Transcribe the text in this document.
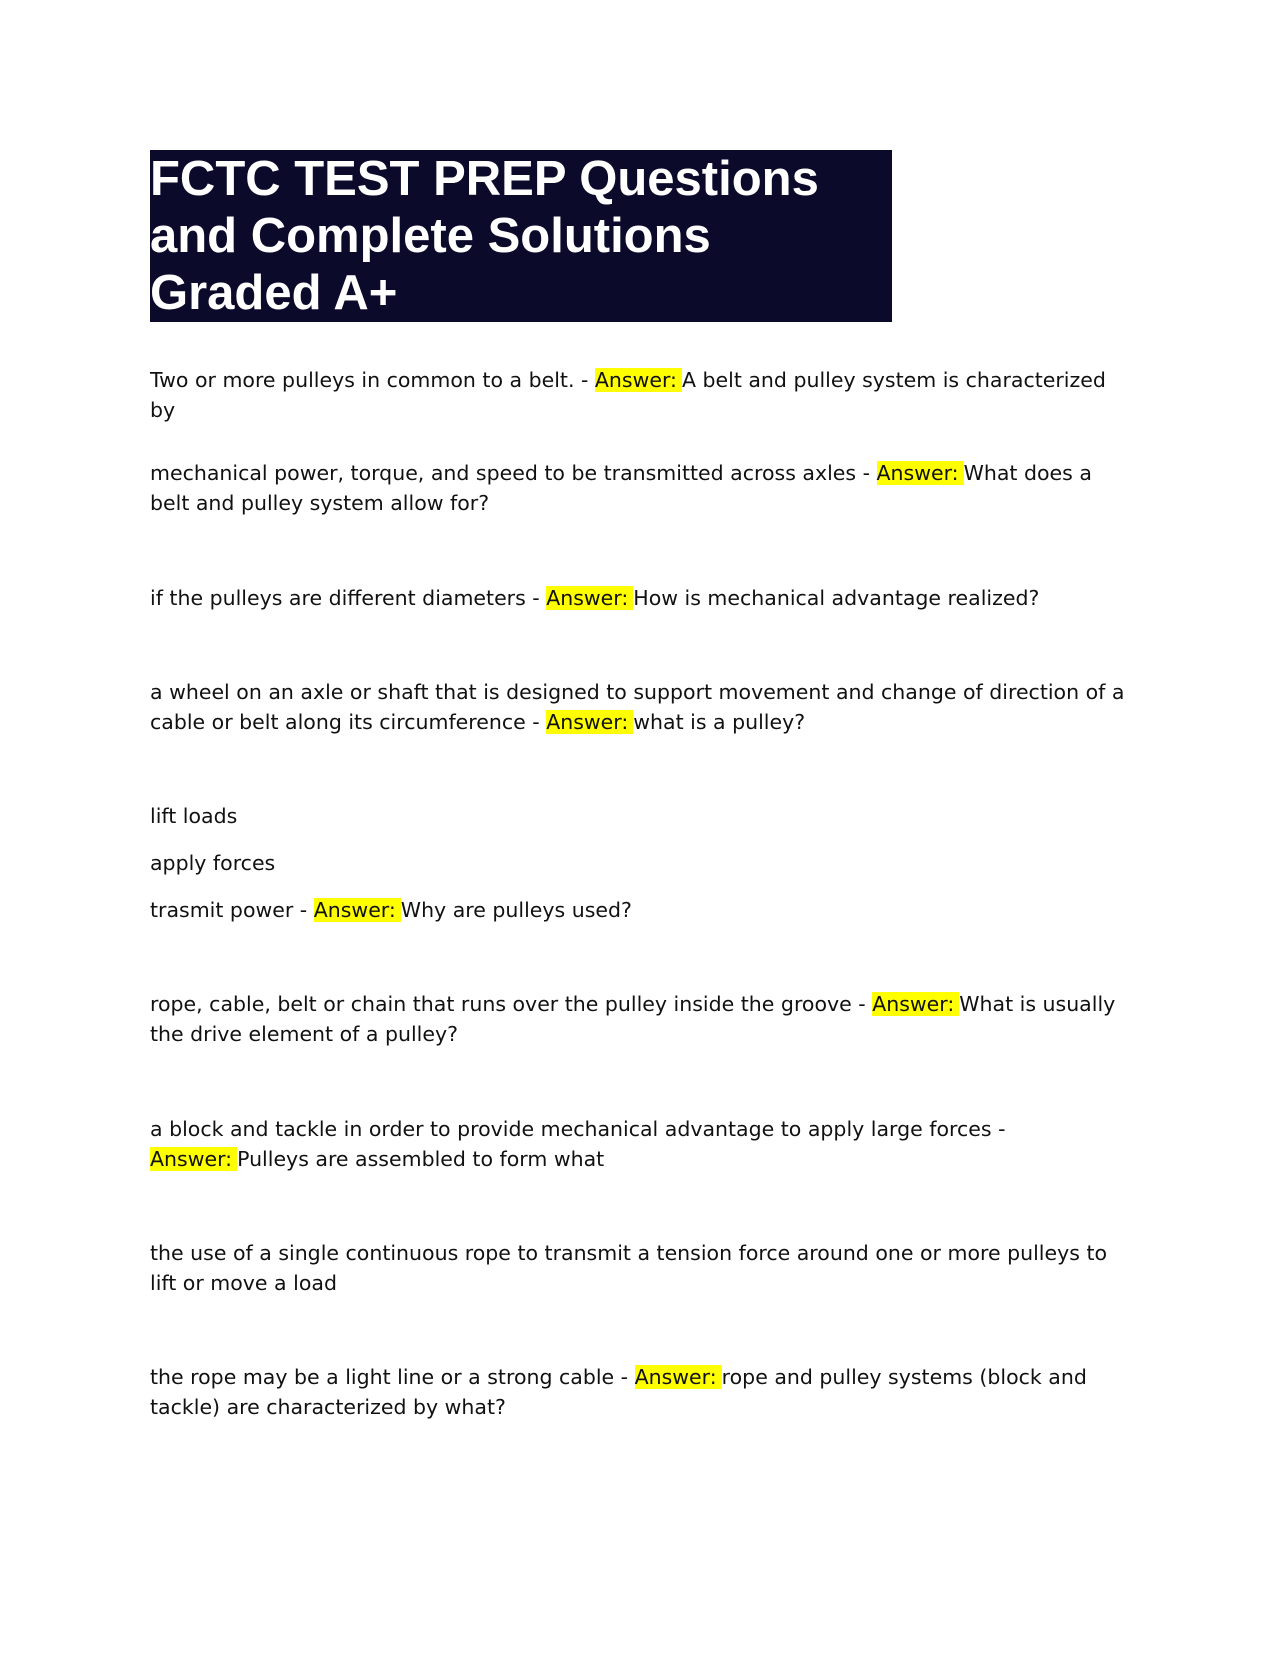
FCTC TEST PREP Questions
and Complete Solutions
Graded A+

Two or more pulleys in common to a belt. - Answer: A belt and pulley system is characterized by

mechanical power, torque, and speed to be transmitted across axles - Answer: What does a belt and pulley system allow for?

if the pulleys are different diameters - Answer: How is mechanical advantage realized?

a wheel on an axle or shaft that is designed to support movement and change of direction of a cable or belt along its circumference - Answer: what is a pulley?

lift loads

apply forces

trasmit power - Answer: Why are pulleys used?

rope, cable, belt or chain that runs over the pulley inside the groove - Answer: What is usually the drive element of a pulley?

a block and tackle in order to provide mechanical advantage to apply large forces - Answer: Pulleys are assembled to form what

the use of a single continuous rope to transmit a tension force around one or more pulleys to lift or move a load

the rope may be a light line or a strong cable - Answer: rope and pulley systems (block and tackle) are characterized by what?
